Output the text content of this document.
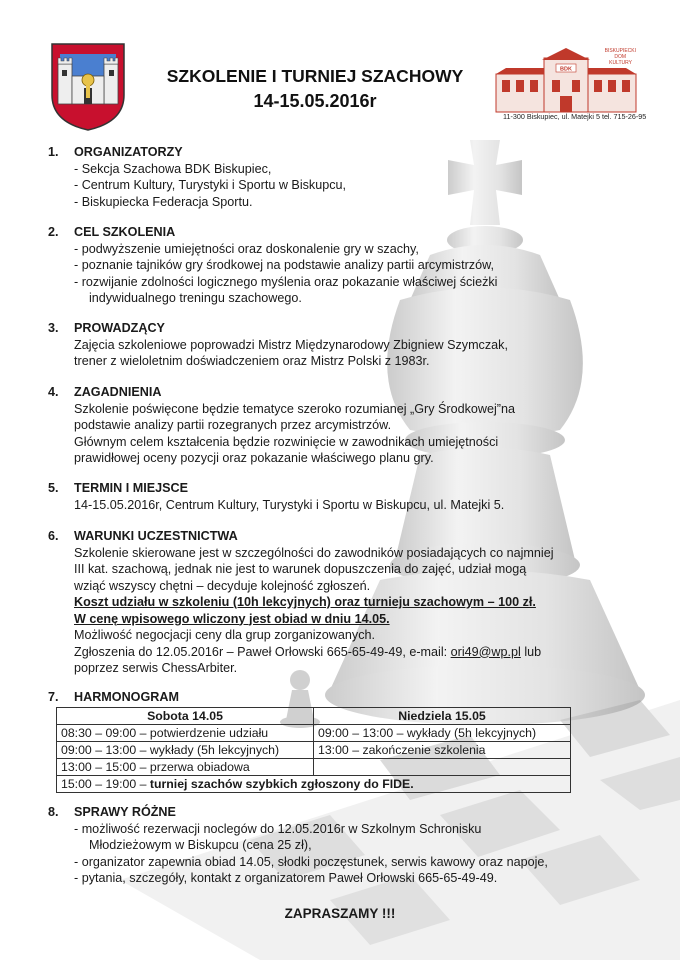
SZKOLENIE I TURNIEJ SZACHOWY
14-15.05.2016r
BDK
BISKUPIECKI
DOM
KULTURY
11-300 Biskupiec, ul. Matejki 5 tel. 715-26-95
1.	ORGANIZATORZY
- Sekcja Szachowa BDK Biskupiec,
- Centrum Kultury, Turystyki i Sportu w Biskupcu,
- Biskupiecka Federacja Sportu.
2.	CEL SZKOLENIA
- podwyższenie umiejętności oraz doskonalenie gry w szachy,
- poznanie tajników gry środkowej na podstawie analizy partii arcymistrzów,
- rozwijanie zdolności logicznego myślenia oraz pokazanie właściwej ścieżki
indywidualnego treningu szachowego.
3.	PROWADZĄCY
Zajęcia szkoleniowe poprowadzi Mistrz Międzynarodowy Zbigniew Szymczak,
trener z wieloletnim doświadczeniem oraz Mistrz Polski z 1983r.
4.	ZAGADNIENIA
Szkolenie poświęcone będzie tematyce szeroko rozumianej „Gry Środkowej”na
podstawie analizy partii rozegranych przez arcymistrzów.
Głównym celem kształcenia będzie rozwinięcie w zawodnikach umiejętności
prawidłowej oceny pozycji oraz pokazanie właściwego planu gry.
5.	TERMIN I MIEJSCE
14-15.05.2016r, Centrum Kultury, Turystyki i Sportu w Biskupcu, ul. Matejki 5.
6.	WARUNKI UCZESTNICTWA
Szkolenie skierowane jest w szczególności do zawodników posiadających co najmniej
III kat. szachową, jednak nie jest to warunek dopuszczenia do zajęć, udział mogą
wziąć wszyscy chętni – decyduje kolejność zgłoszeń.
Koszt udziału w szkoleniu (10h lekcyjnych) oraz turnieju szachowym – 100 zł.
W cenę wpisowego wliczony jest obiad w dniu 14.05.
Możliwość negocjacji ceny dla grup zorganizowanych.
Zgłoszenia do 12.05.2016r – Paweł Orłowski 665-65-49-49, e-mail: ori49@wp.pl lub
poprzez serwis ChessArbiter.
7.	HARMONOGRAM
Sobota 14.05	Niedziela 15.05
08:30 – 09:00 – potwierdzenie udziału	09:00 – 13:00 – wykłady (5h lekcyjnych)
09:00 – 13:00 – wykłady (5h lekcyjnych)	13:00 – zakończenie szkolenia
13:00 – 15:00 – przerwa obiadowa	
15:00 – 19:00 – turniej szachów szybkich zgłoszony do FIDE.	
8.	SPRAWY RÓŻNE
- możliwość rezerwacji noclegów do 12.05.2016r w Szkolnym Schronisku
Młodzieżowym w Biskupcu (cena 25 zł),
- organizator zapewnia obiad 14.05, słodki poczęstunek, serwis kawowy oraz napoje,
- pytania, szczegóły, kontakt z organizatorem Paweł Orłowski 665-65-49-49.
ZAPRASZAMY !!!
